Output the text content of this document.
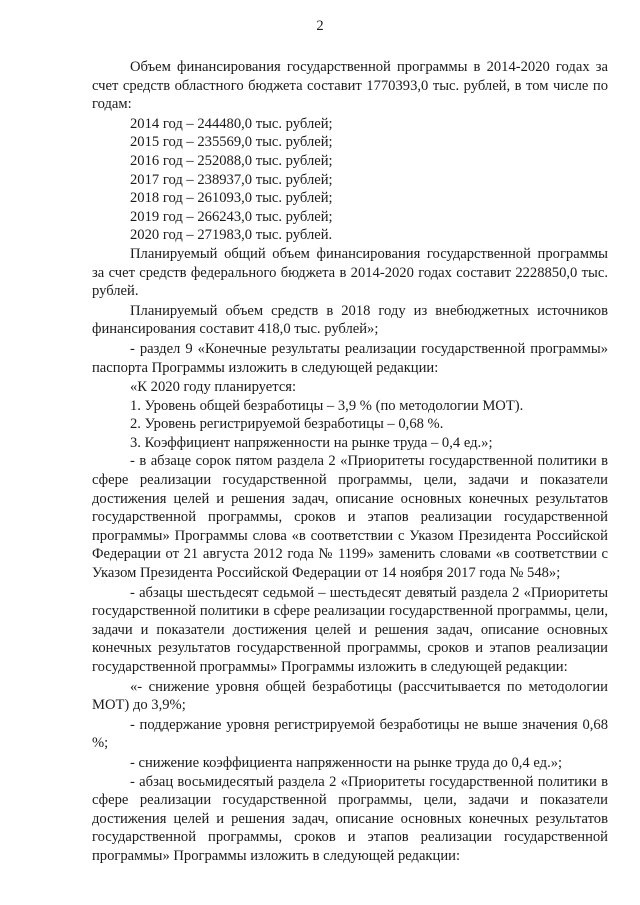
2
Объем финансирования государственной программы в 2014-2020 годах за счет средств областного бюджета составит 1770393,0 тыс. рублей, в том числе по годам:
2014 год – 244480,0 тыс. рублей;
2015 год – 235569,0 тыс. рублей;
2016 год – 252088,0 тыс. рублей;
2017 год – 238937,0 тыс. рублей;
2018 год – 261093,0 тыс. рублей;
2019 год – 266243,0 тыс. рублей;
2020 год – 271983,0 тыс. рублей.
Планируемый общий объем финансирования государственной программы за счет средств федерального бюджета в 2014-2020 годах составит 2228850,0 тыс. рублей.
Планируемый объем средств в 2018 году из внебюджетных источников финансирования составит 418,0 тыс. рублей»;
- раздел 9 «Конечные результаты реализации государственной программы» паспорта Программы изложить в следующей редакции:
«К 2020 году планируется:
1. Уровень общей безработицы – 3,9 % (по методологии МОТ).
2. Уровень регистрируемой безработицы – 0,68 %.
3. Коэффициент напряженности на рынке труда – 0,4 ед.»;
- в абзаце сорок пятом раздела 2 «Приоритеты государственной политики в сфере реализации государственной программы, цели, задачи и показатели достижения целей и решения задач, описание основных конечных результатов государственной программы, сроков и этапов реализации государственной программы» Программы слова «в соответствии с Указом Президента Российской Федерации от 21 августа 2012 года № 1199» заменить словами «в соответствии с Указом Президента Российской Федерации от 14 ноября 2017 года № 548»;
- абзацы шестьдесят седьмой – шестьдесят девятый раздела 2 «Приоритеты государственной политики в сфере реализации государственной программы, цели, задачи и показатели достижения целей и решения задач, описание основных конечных результатов государственной программы, сроков и этапов реализации государственной программы» Программы изложить в следующей редакции:
«- снижение уровня общей безработицы (рассчитывается по методологии МОТ) до 3,9%;
- поддержание уровня регистрируемой безработицы не выше значения 0,68 %;
- снижение коэффициента напряженности на рынке труда до 0,4 ед.»;
- абзац восьмидесятый раздела 2 «Приоритеты государственной политики в сфере реализации государственной программы, цели, задачи и показатели достижения целей и решения задач, описание основных конечных результатов государственной программы, сроков и этапов реализации государственной программы» Программы изложить в следующей редакции:
